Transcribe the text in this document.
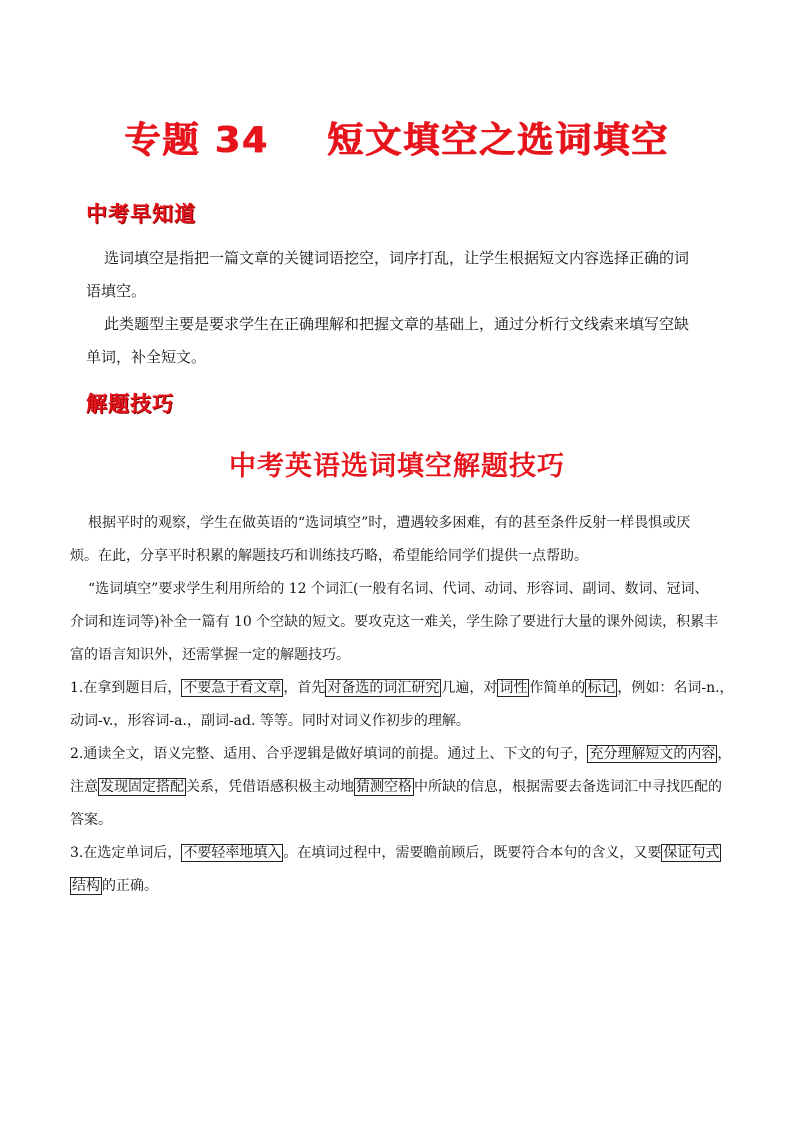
专题 34    短文填空之选词填空
中考早知道
选词填空是指把一篇文章的关键词语挖空，词序打乱，让学生根据短文内容选择正确的词
语填空。
此类题型主要是要求学生在正确理解和把握文章的基础上，通过分析行文线索来填写空缺
单词，补全短文。
解题技巧
中考英语选词填空解题技巧
根据平时的观察，学生在做英语的“选词填空”时，遭遇较多困难，有的甚至条件反射一样畏惧或厌
烦。在此，分享平时积累的解题技巧和训练技巧略，希望能给同学们提供一点帮助。
“选词填空”要求学生利用所给的 12 个词汇(一般有名词、代词、动词、形容词、副词、数词、冠词、
介词和连词等)补全一篇有 10 个空缺的短文。要攻克这一难关，学生除了要进行大量的课外阅读，积累丰
富的语言知识外，还需掌握一定的解题技巧。
1.在拿到题目后， 不要急于看文章 ，首先 对备选的词汇研究 几遍，对 词性 作简单的 标记 ，例如：名词-n.，
动词-v.，形容词-a.，副词-ad. 等等。同时对词义作初步的理解。
2.通读全文，语义完整、适用、合乎逻辑是做好填词的前提。通过上、下文的句子， 充分理解短文的内容 ，
注意 发现固定搭配 关系，凭借语感积极主动地 猜测空格 中所缺的信息，根据需要去备选词汇中寻找匹配的
答案。
3.在选定单词后， 不要轻率地填入 。在填词过程中，需要瞻前顾后，既要符合本句的含义，又要 保证句式
结构 的正确。
